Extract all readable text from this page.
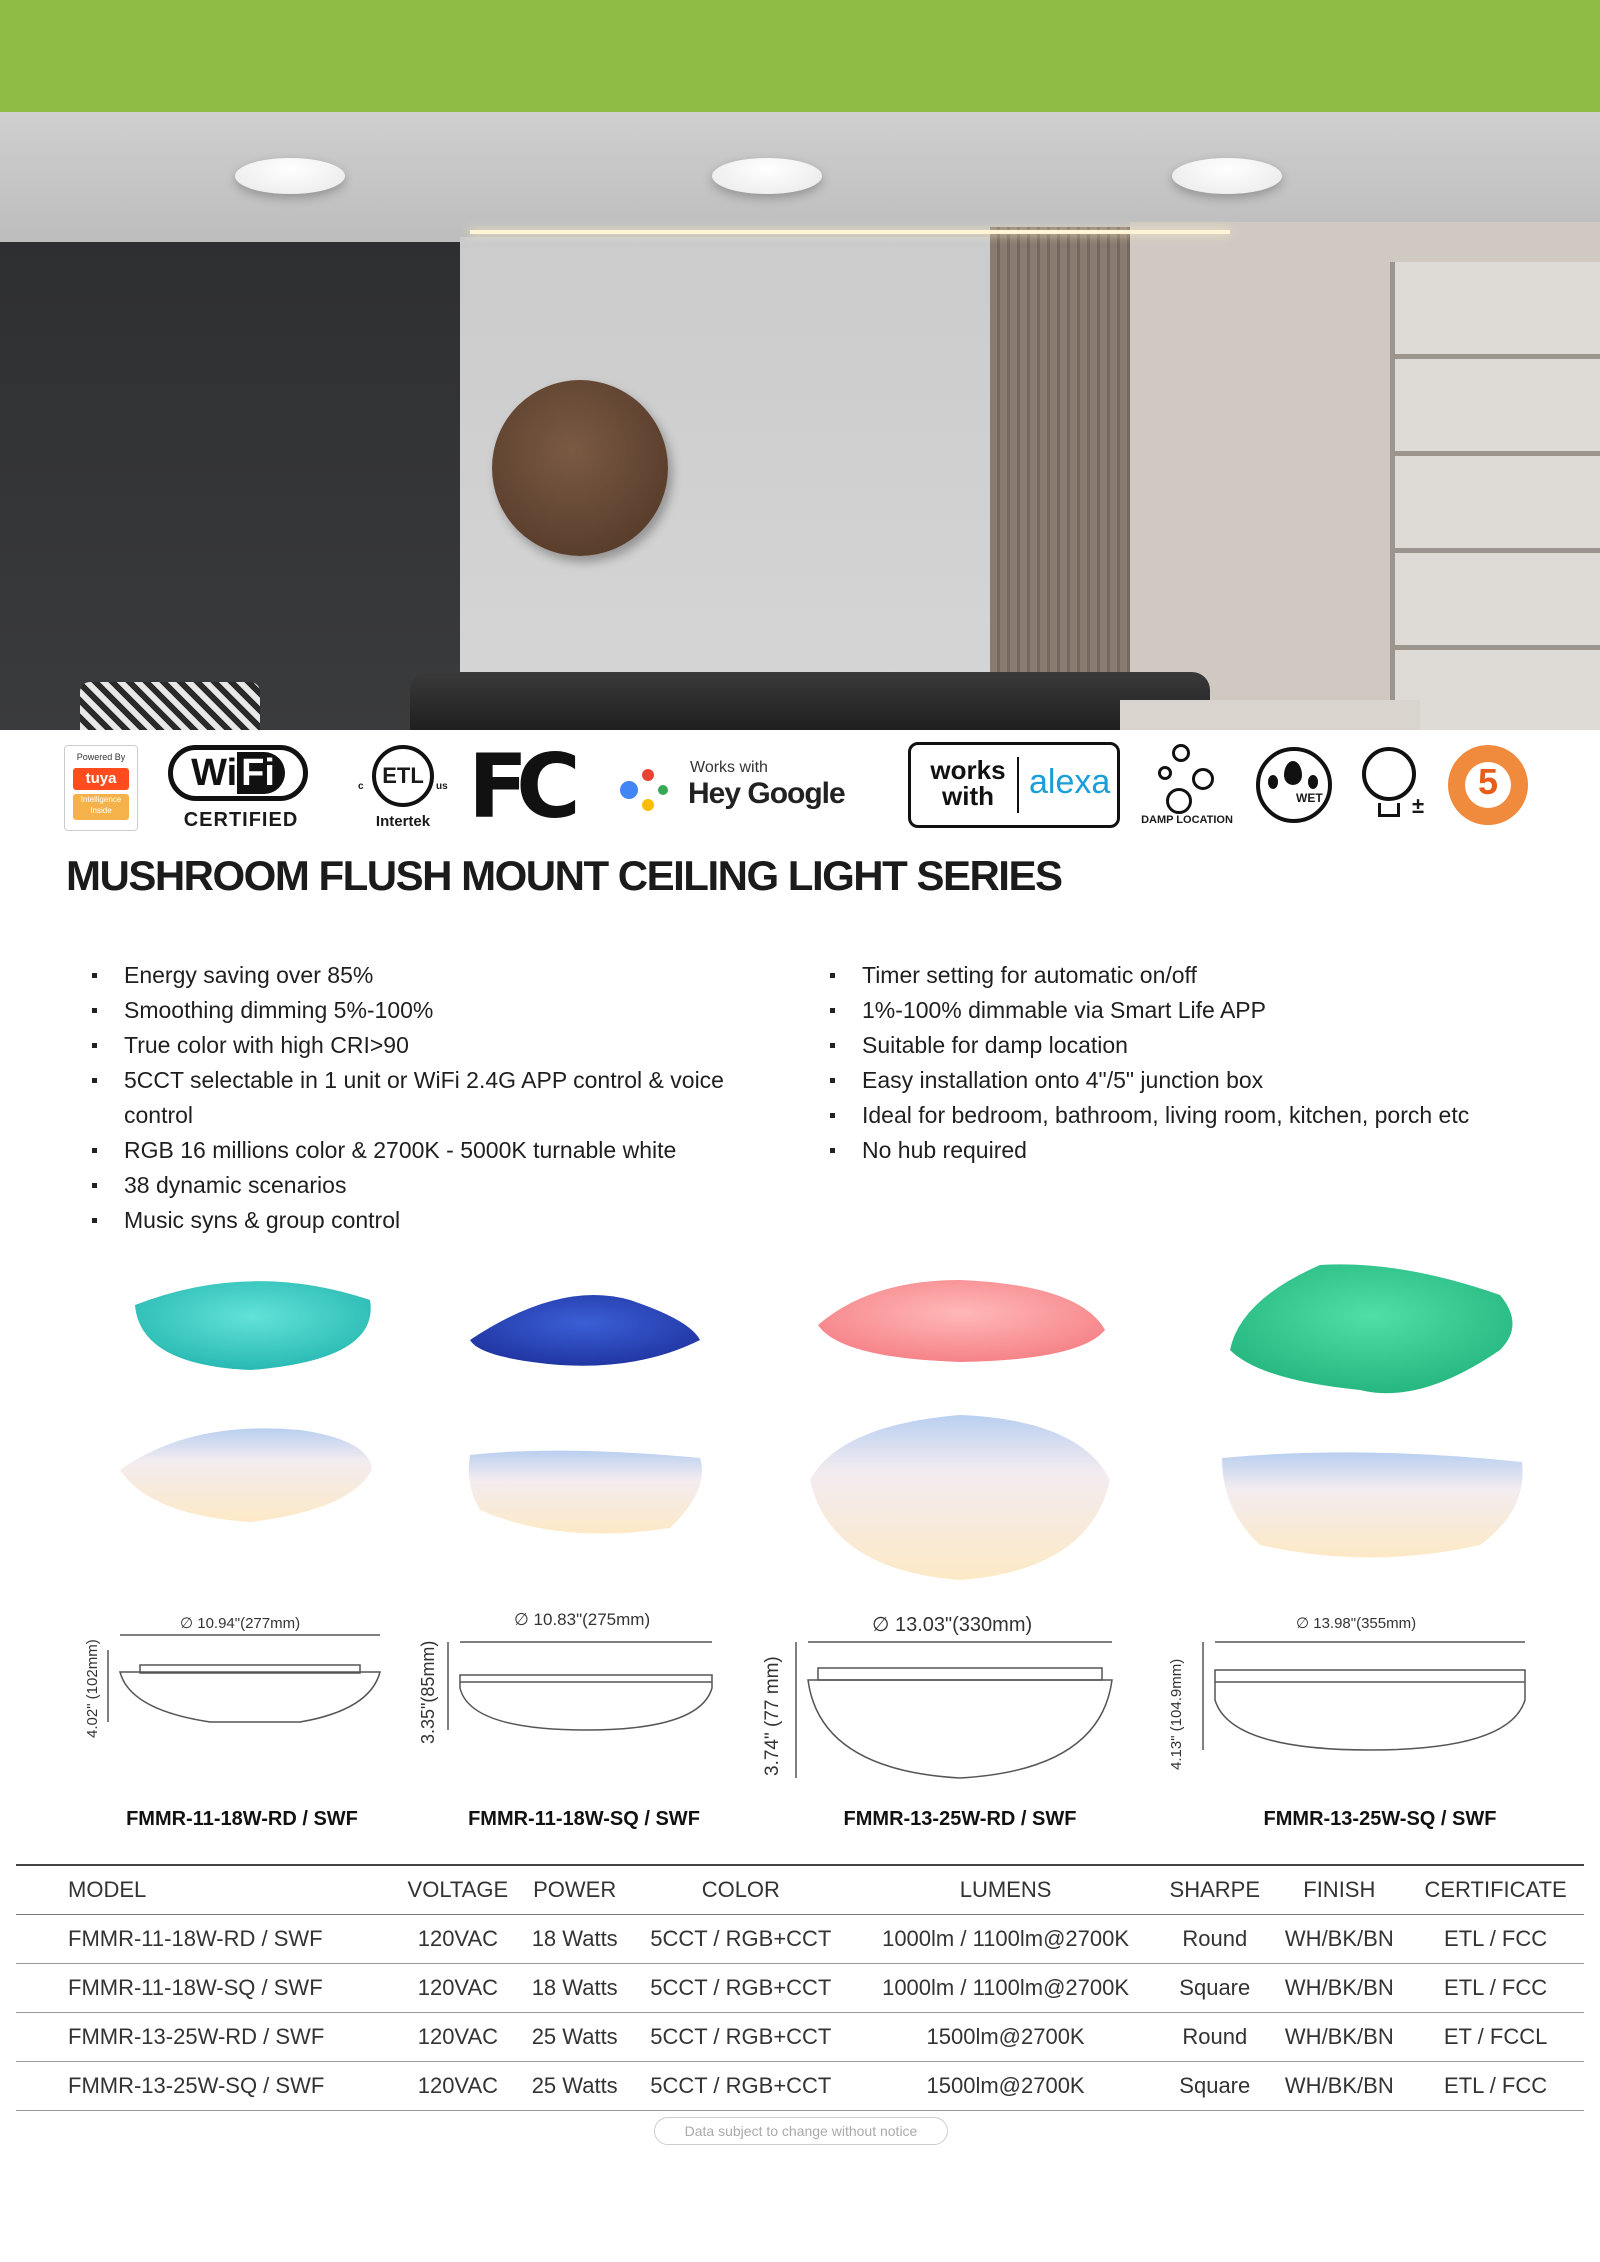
Powered By
tuya
Intelligence Inside
Wi Fi
CERTIFIED
ETL
c	us
Intertek FC	Works with
Hey Google
works with	alexa
DAMP LOCATION
WET	±
5
MUSHROOM FLUSH MOUNT CEILING LIGHT SERIES
Energy saving over 85%
Smoothing dimming 5%-100%
True color with high CRI>90
5CCT selectable in 1 unit or WiFi 2.4G APP control & voice control
RGB 16 millions color & 2700K - 5000K turnable white
38 dynamic scenarios
Music syns & group control
Timer setting for automatic on/off
1%-100% dimmable via Smart Life APP
Suitable for damp location
Easy installation onto 4"/5" junction box
Ideal for bedroom, bathroom, living room, kitchen, porch etc
No hub required
∅ 10.94"(277mm)	∅ 10.83"(275mm)	∅ 13.03"(330mm)	∅ 13.98"(355mm)
4.02" (102mm)	3.35"(85mm)	3.74" (77 mm)	4.13" (104.9mm)
FMMR-11-18W-RD / SWF	FMMR-11-18W-SQ / SWF	FMMR-13-25W-RD / SWF	FMMR-13-25W-SQ / SWF
MODEL	VOLTAGE	POWER	COLOR	LUMENS	SHARPE	FINISH	CERTIFICATE
FMMR-11-18W-RD / SWF	120VAC	18 Watts	5CCT / RGB+CCT	1000lm / 1100lm@2700K	Round	WH/BK/BN	ETL / FCC
FMMR-11-18W-SQ / SWF	120VAC	18 Watts	5CCT / RGB+CCT	1000lm / 1100lm@2700K	Square	WH/BK/BN	ETL / FCC
FMMR-13-25W-RD / SWF	120VAC	25 Watts	5CCT / RGB+CCT	1500lm@2700K	Round	WH/BK/BN	ET / FCCL
FMMR-13-25W-SQ / SWF	120VAC	25 Watts	5CCT / RGB+CCT	1500lm@2700K	Square	WH/BK/BN	ETL / FCC
Data subject to change without notice
